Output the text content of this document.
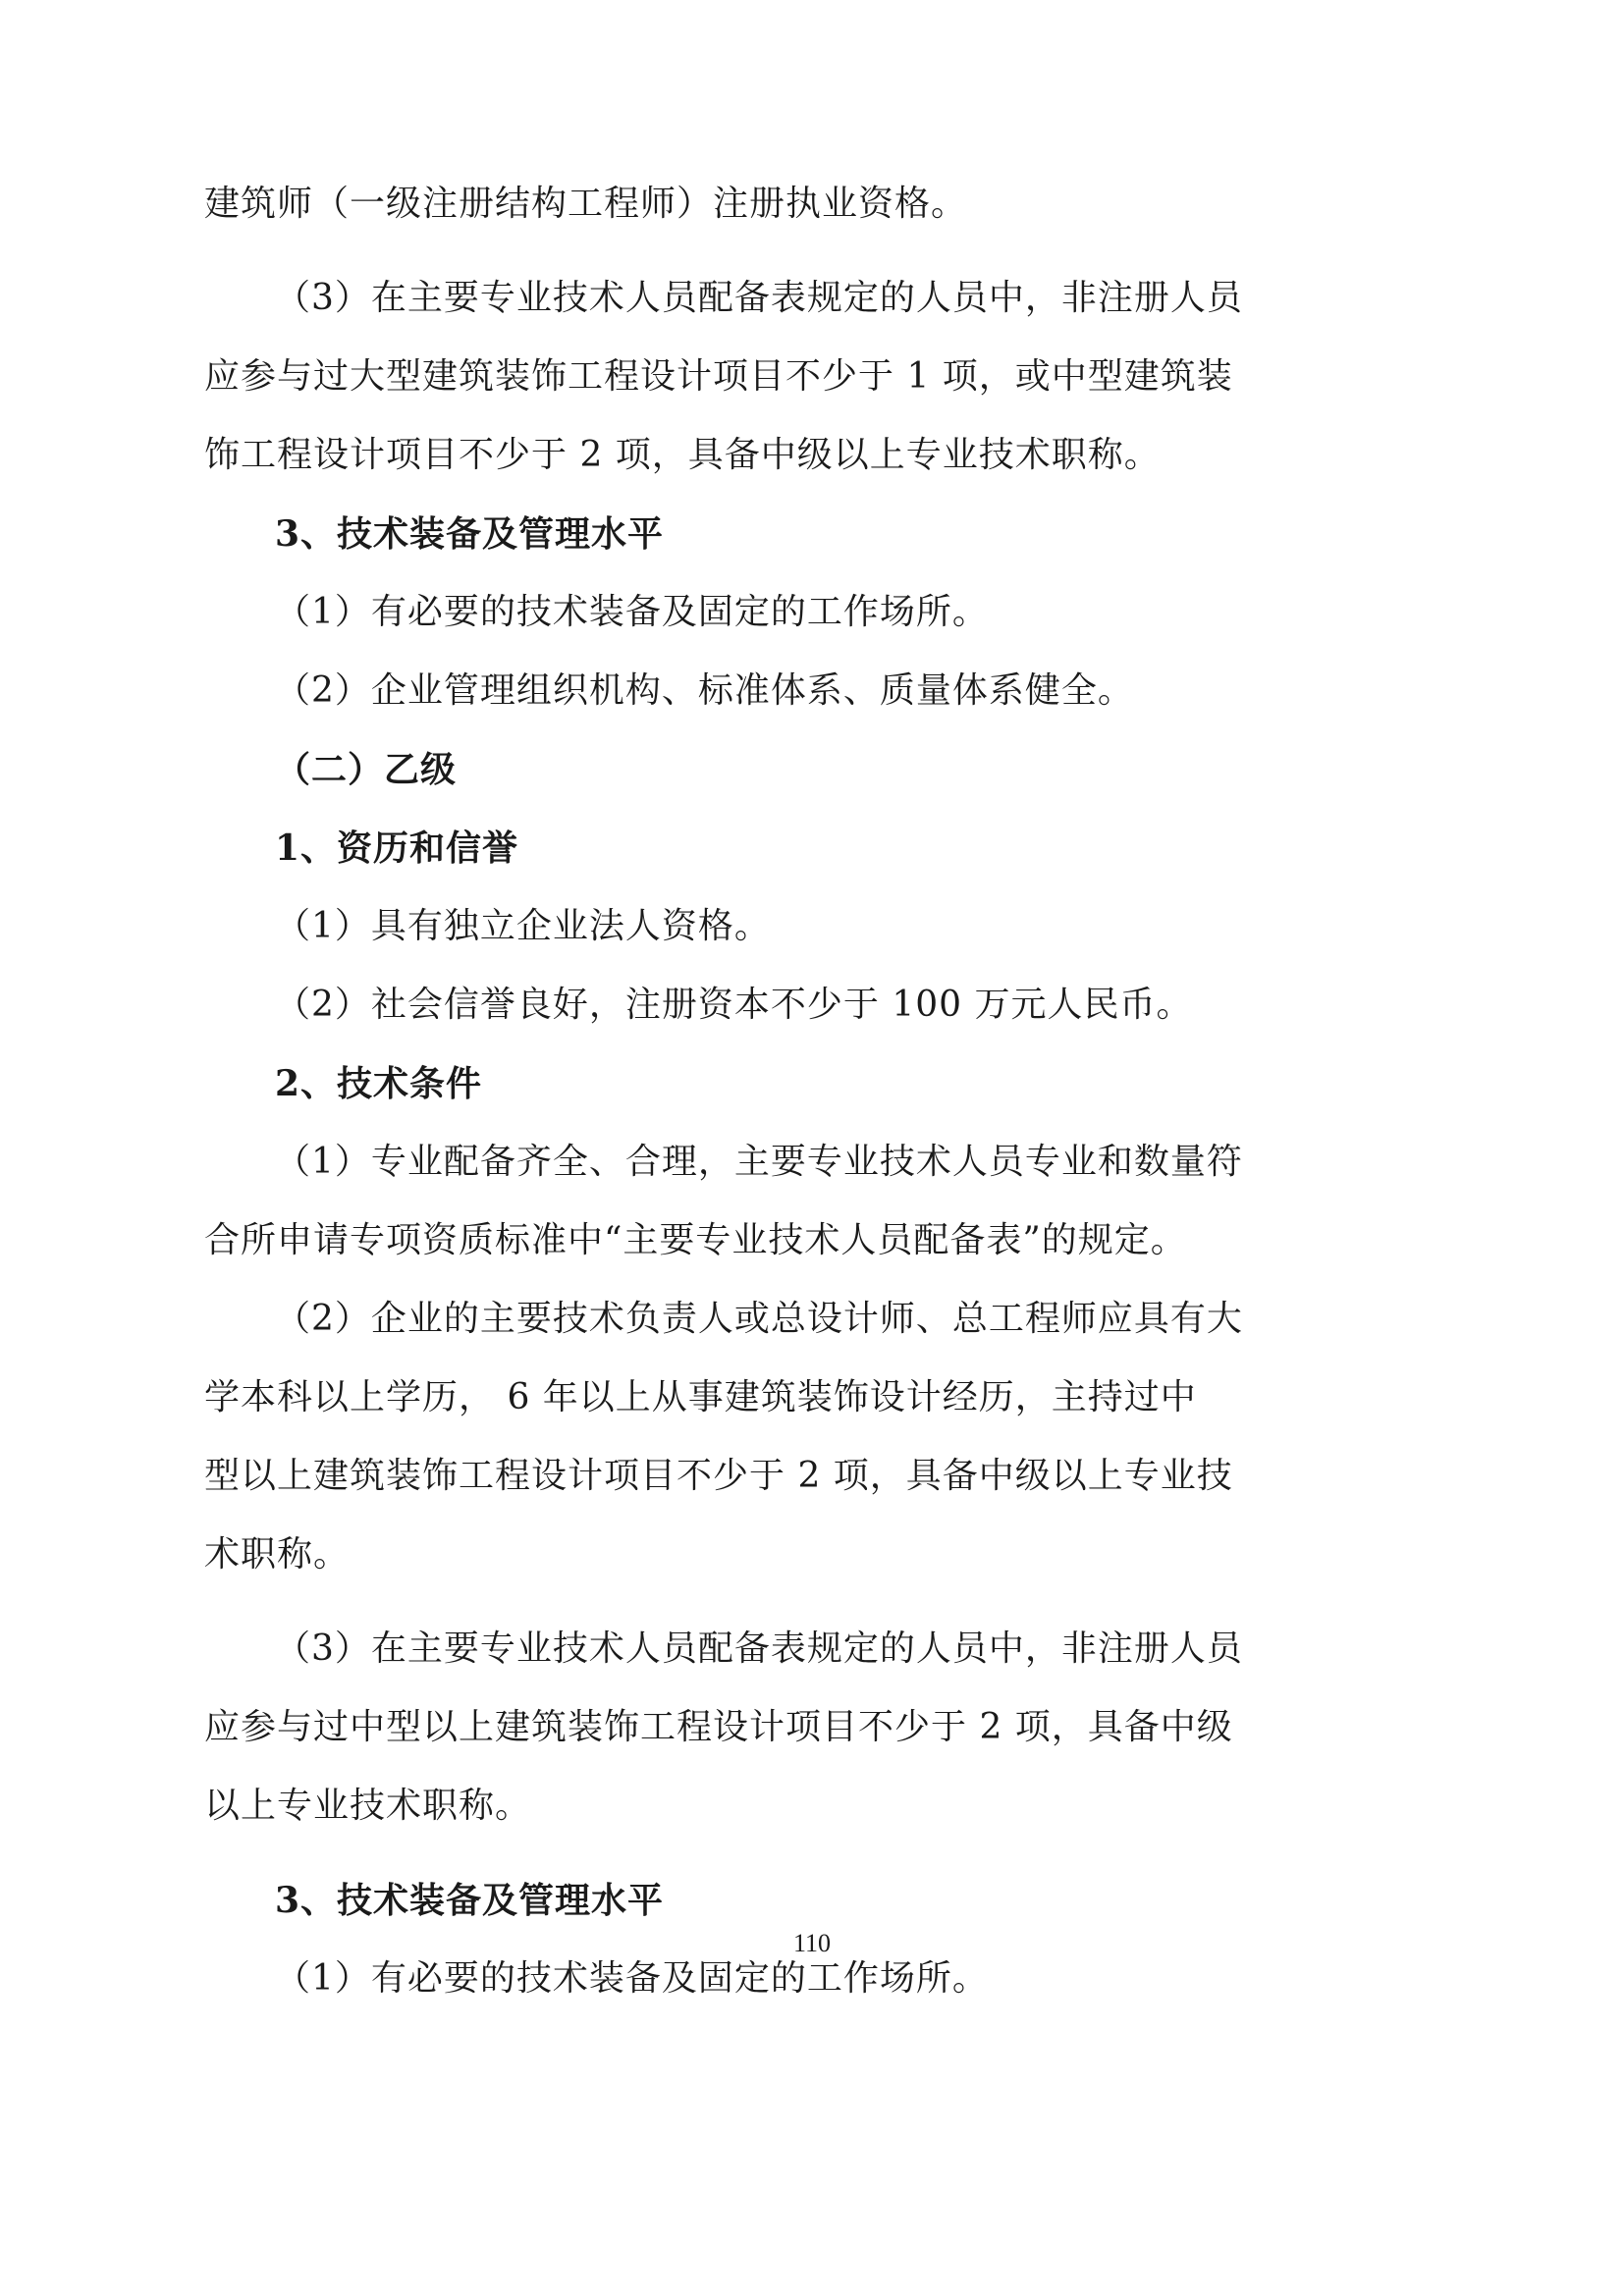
建筑师（一级注册结构工程师）注册执业资格。
（3）在主要专业技术人员配备表规定的人员中，非注册人员
应参与过大型建筑装饰工程设计项目不少于 1 项，或中型建筑装
饰工程设计项目不少于 2 项，具备中级以上专业技术职称。
3、技术装备及管理水平
（1）有必要的技术装备及固定的工作场所。
（2）企业管理组织机构、标准体系、质量体系健全。
（二）乙级
1、资历和信誉
（1）具有独立企业法人资格。
（2）社会信誉良好，注册资本不少于 100 万元人民币。
2、技术条件
（1）专业配备齐全、合理，主要专业技术人员专业和数量符
合所申请专项资质标准中“主要专业技术人员配备表”的规定。
（2）企业的主要技术负责人或总设计师、总工程师应具有大
学本科以上学历， 6 年以上从事建筑装饰设计经历，主持过中
型以上建筑装饰工程设计项目不少于 2 项，具备中级以上专业技
术职称。
（3）在主要专业技术人员配备表规定的人员中，非注册人员
应参与过中型以上建筑装饰工程设计项目不少于 2 项，具备中级
以上专业技术职称。
3、技术装备及管理水平
（1）有必要的技术装备及固定的工作场所。
110
